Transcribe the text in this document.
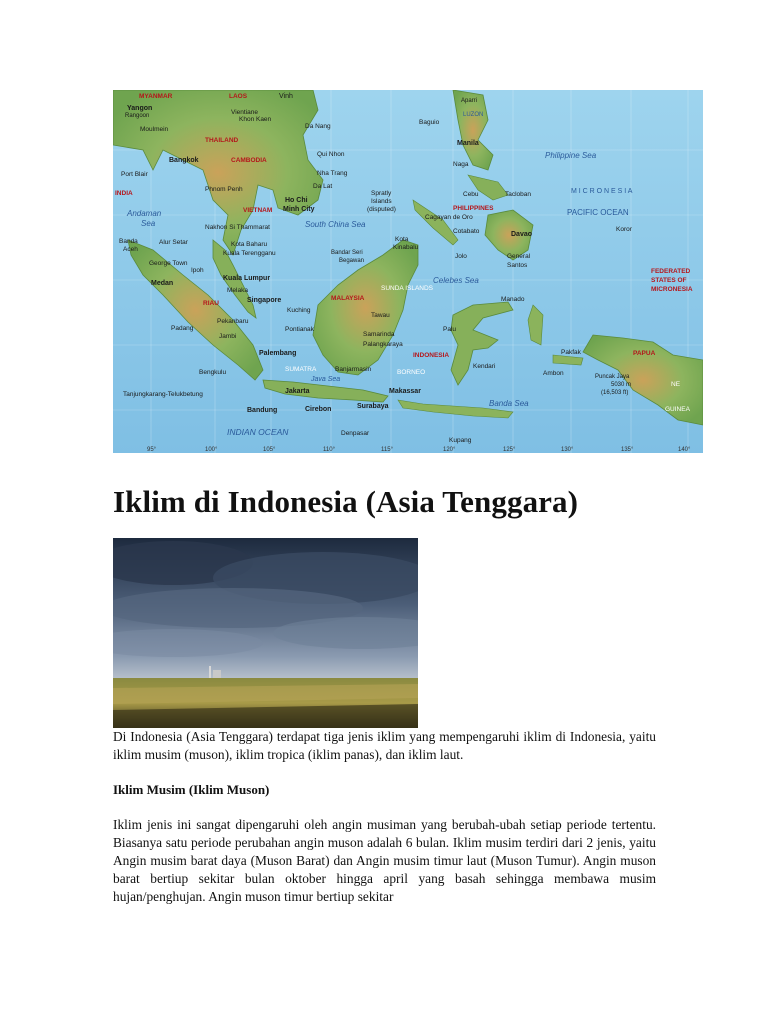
MYANMAR	LAOS	Vinh
Yangon
Rangoon	Vientiane
Moulmein
Khon Kaen
Da Nang
THAILAND
Aparri
Baguio
LUZON
Manila
Bangkok	CAMBODIA
Qui Nhon
Naga
Philippine Sea
Port Blair
Phnom Penh
Nha Trang
INDIA
Da Lat
Spratly
Islands
(disputed)
Cebu	Tacloban	M I C R O N E S I A
Andaman
Sea
VIETNAM
Ho Chi
Minh City	PHILIPPINES
Cagayan de Oro
PACIFIC OCEAN
Nakhon Si Thammarat	South China Sea
Cotabato	Davao
Koror
Banda
Aceh
Alur Setar	Kota Baharu
Bandar Seri
Begawan
Kota
Kinabalu
Jolo	General
Santos
George Town
Kuala Terengganu
Ipoh	FEDERATED
STATES OF
MICRONESIA
Medan
Kuala Lumpur	Celebes Sea
SUNDA ISLANDS
Melaka
Singapore	MALAYSIA	Manado
Kuching
Tawau
RIAU
Padang
Pekanbaru
Pontianak	Palu
Samarinda
Jambi
Palangkaraya
Palembang	INDONESIA	Pakfak	PAPUA
Bengkulu	SUMATRA	Banjarmasin	BORNEO
Kendari
Ambon	Puncak Jaya
5030 m
(16,503 ft)
Java Sea
Tanjungkarang-Telukbetung	Jakarta	Makassar
Banda Sea
NE
Bandung	Cirebon	Surabaya	GUINEA
INDIAN OCEAN	Denpasar
Kupang
95°	100°	105°	110°	115°	120°	125°	130°	135°	140°
Iklim di Indonesia (Asia Tenggara)

Di Indonesia (Asia Tenggara) terdapat tiga jenis iklim yang mempengaruhi iklim di Indonesia, yaitu iklim musim (muson), iklim tropica (iklim panas), dan iklim laut.

Iklim Musim (Iklim Muson)

Iklim jenis ini sangat dipengaruhi oleh angin musiman yang berubah-ubah setiap periode tertentu. Biasanya satu periode perubahan angin muson adalah 6 bulan. Iklim musim terdiri dari 2 jenis, yaitu Angin musim barat daya (Muson Barat) dan Angin musim timur laut (Muson Tumur). Angin muson barat bertiup sekitar bulan oktober hingga april yang basah sehingga membawa musim hujan/penghujan. Angin muson timur bertiup sekitar
